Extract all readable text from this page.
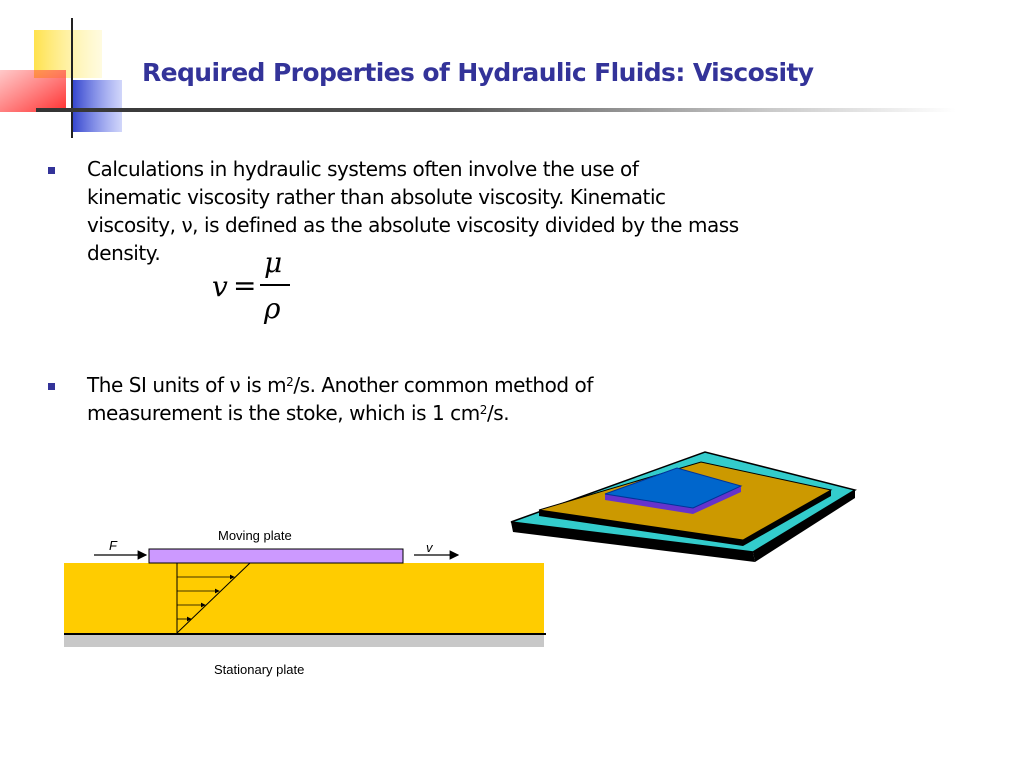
Required Properties of Hydraulic Fluids: Viscosity
Calculations in hydraulic systems often involve the use of
kinematic viscosity rather than absolute viscosity. Kinematic
viscosity, ν, is defined as the absolute viscosity divided by the mass
density.
v =
μ
ρ
The SI units of ν is $m^2/s$. Another common method of
measurement is the stoke, which is 1 $cm^2/s$.
Moving plate
F	v
Stationary plate
